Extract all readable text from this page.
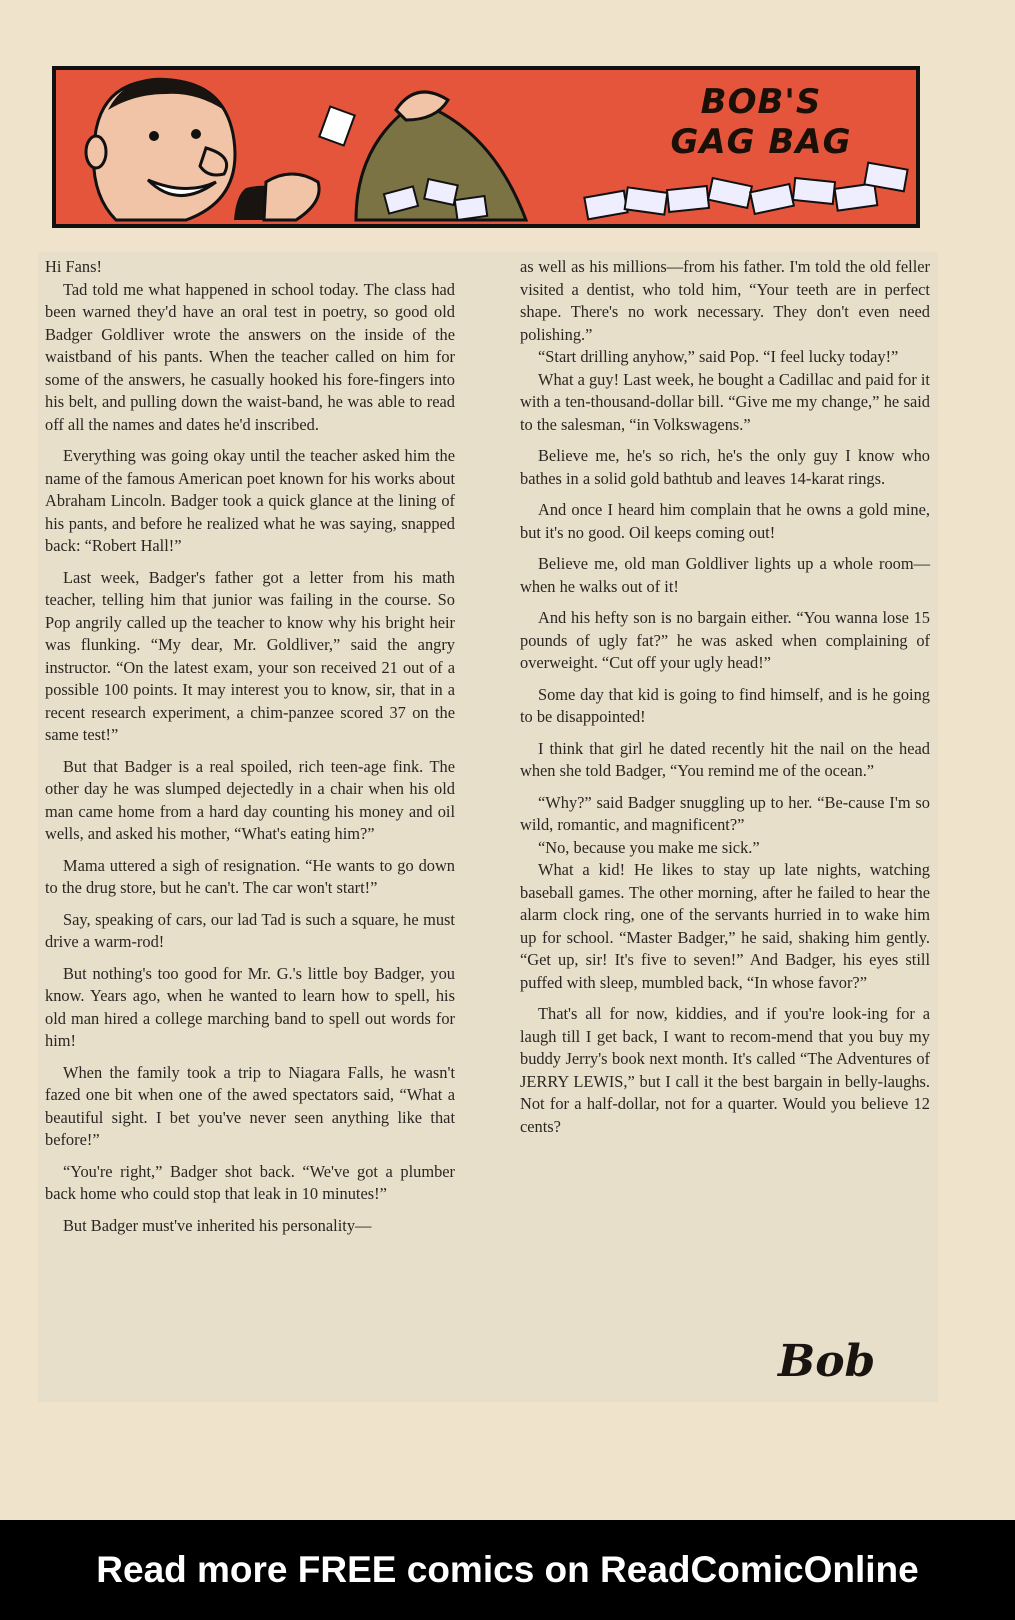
BOB'S
GAG BAG

Hi Fans!

Tad told me what happened in school today. The class had been warned they'd have an oral test in poetry, so good old Badger Goldliver wrote the answers on the inside of the waistband of his pants. When the teacher called on him for some of the answers, he casually hooked his fore-fingers into his belt, and pulling down the waist-band, he was able to read off all the names and dates he'd inscribed.

Everything was going okay until the teacher asked him the name of the famous American poet known for his works about Abraham Lincoln. Badger took a quick glance at the lining of his pants, and before he realized what he was saying, snapped back: “Robert Hall!”

Last week, Badger's father got a letter from his math teacher, telling him that junior was failing in the course. So Pop angrily called up the teacher to know why his bright heir was flunking. “My dear, Mr. Goldliver,” said the angry instructor. “On the latest exam, your son received 21 out of a possible 100 points. It may interest you to know, sir, that in a recent research experiment, a chim-panzee scored 37 on the same test!”

But that Badger is a real spoiled, rich teen-age fink. The other day he was slumped dejectedly in a chair when his old man came home from a hard day counting his money and oil wells, and asked his mother, “What's eating him?”

Mama uttered a sigh of resignation. “He wants to go down to the drug store, but he can't. The car won't start!”

Say, speaking of cars, our lad Tad is such a square, he must drive a warm-rod!

But nothing's too good for Mr. G.'s little boy Badger, you know. Years ago, when he wanted to learn how to spell, his old man hired a college marching band to spell out words for him!

When the family took a trip to Niagara Falls, he wasn't fazed one bit when one of the awed spectators said, “What a beautiful sight. I bet you've never seen anything like that before!”

“You're right,” Badger shot back. “We've got a plumber back home who could stop that leak in 10 minutes!”

But Badger must've inherited his personality—

as well as his millions—from his father. I'm told the old feller visited a dentist, who told him, “Your teeth are in perfect shape. There's no work necessary. They don't even need polishing.”

“Start drilling anyhow,” said Pop. “I feel lucky today!”

What a guy! Last week, he bought a Cadillac and paid for it with a ten-thousand-dollar bill. “Give me my change,” he said to the salesman, “in Volkswagens.”

Believe me, he's so rich, he's the only guy I know who bathes in a solid gold bathtub and leaves 14-karat rings.

And once I heard him complain that he owns a gold mine, but it's no good. Oil keeps coming out!

Believe me, old man Goldliver lights up a whole room—when he walks out of it!

And his hefty son is no bargain either. “You wanna lose 15 pounds of ugly fat?” he was asked when complaining of overweight. “Cut off your ugly head!”

Some day that kid is going to find himself, and is he going to be disappointed!

I think that girl he dated recently hit the nail on the head when she told Badger, “You remind me of the ocean.”

“Why?” said Badger snuggling up to her. “Be-cause I'm so wild, romantic, and magnificent?”

“No, because you make me sick.”

What a kid! He likes to stay up late nights, watching baseball games. The other morning, after he failed to hear the alarm clock ring, one of the servants hurried in to wake him up for school. “Master Badger,” he said, shaking him gently. “Get up, sir! It's five to seven!” And Badger, his eyes still puffed with sleep, mumbled back, “In whose favor?”

That's all for now, kiddies, and if you're look-ing for a laugh till I get back, I want to recom-mend that you buy my buddy Jerry's book next month. It's called “The Adventures of JERRY LEWIS,” but I call it the best bargain in belly-laughs. Not for a half-dollar, not for a quarter. Would you believe 12 cents?

Bob
Read more FREE comics on ReadComicOnline
